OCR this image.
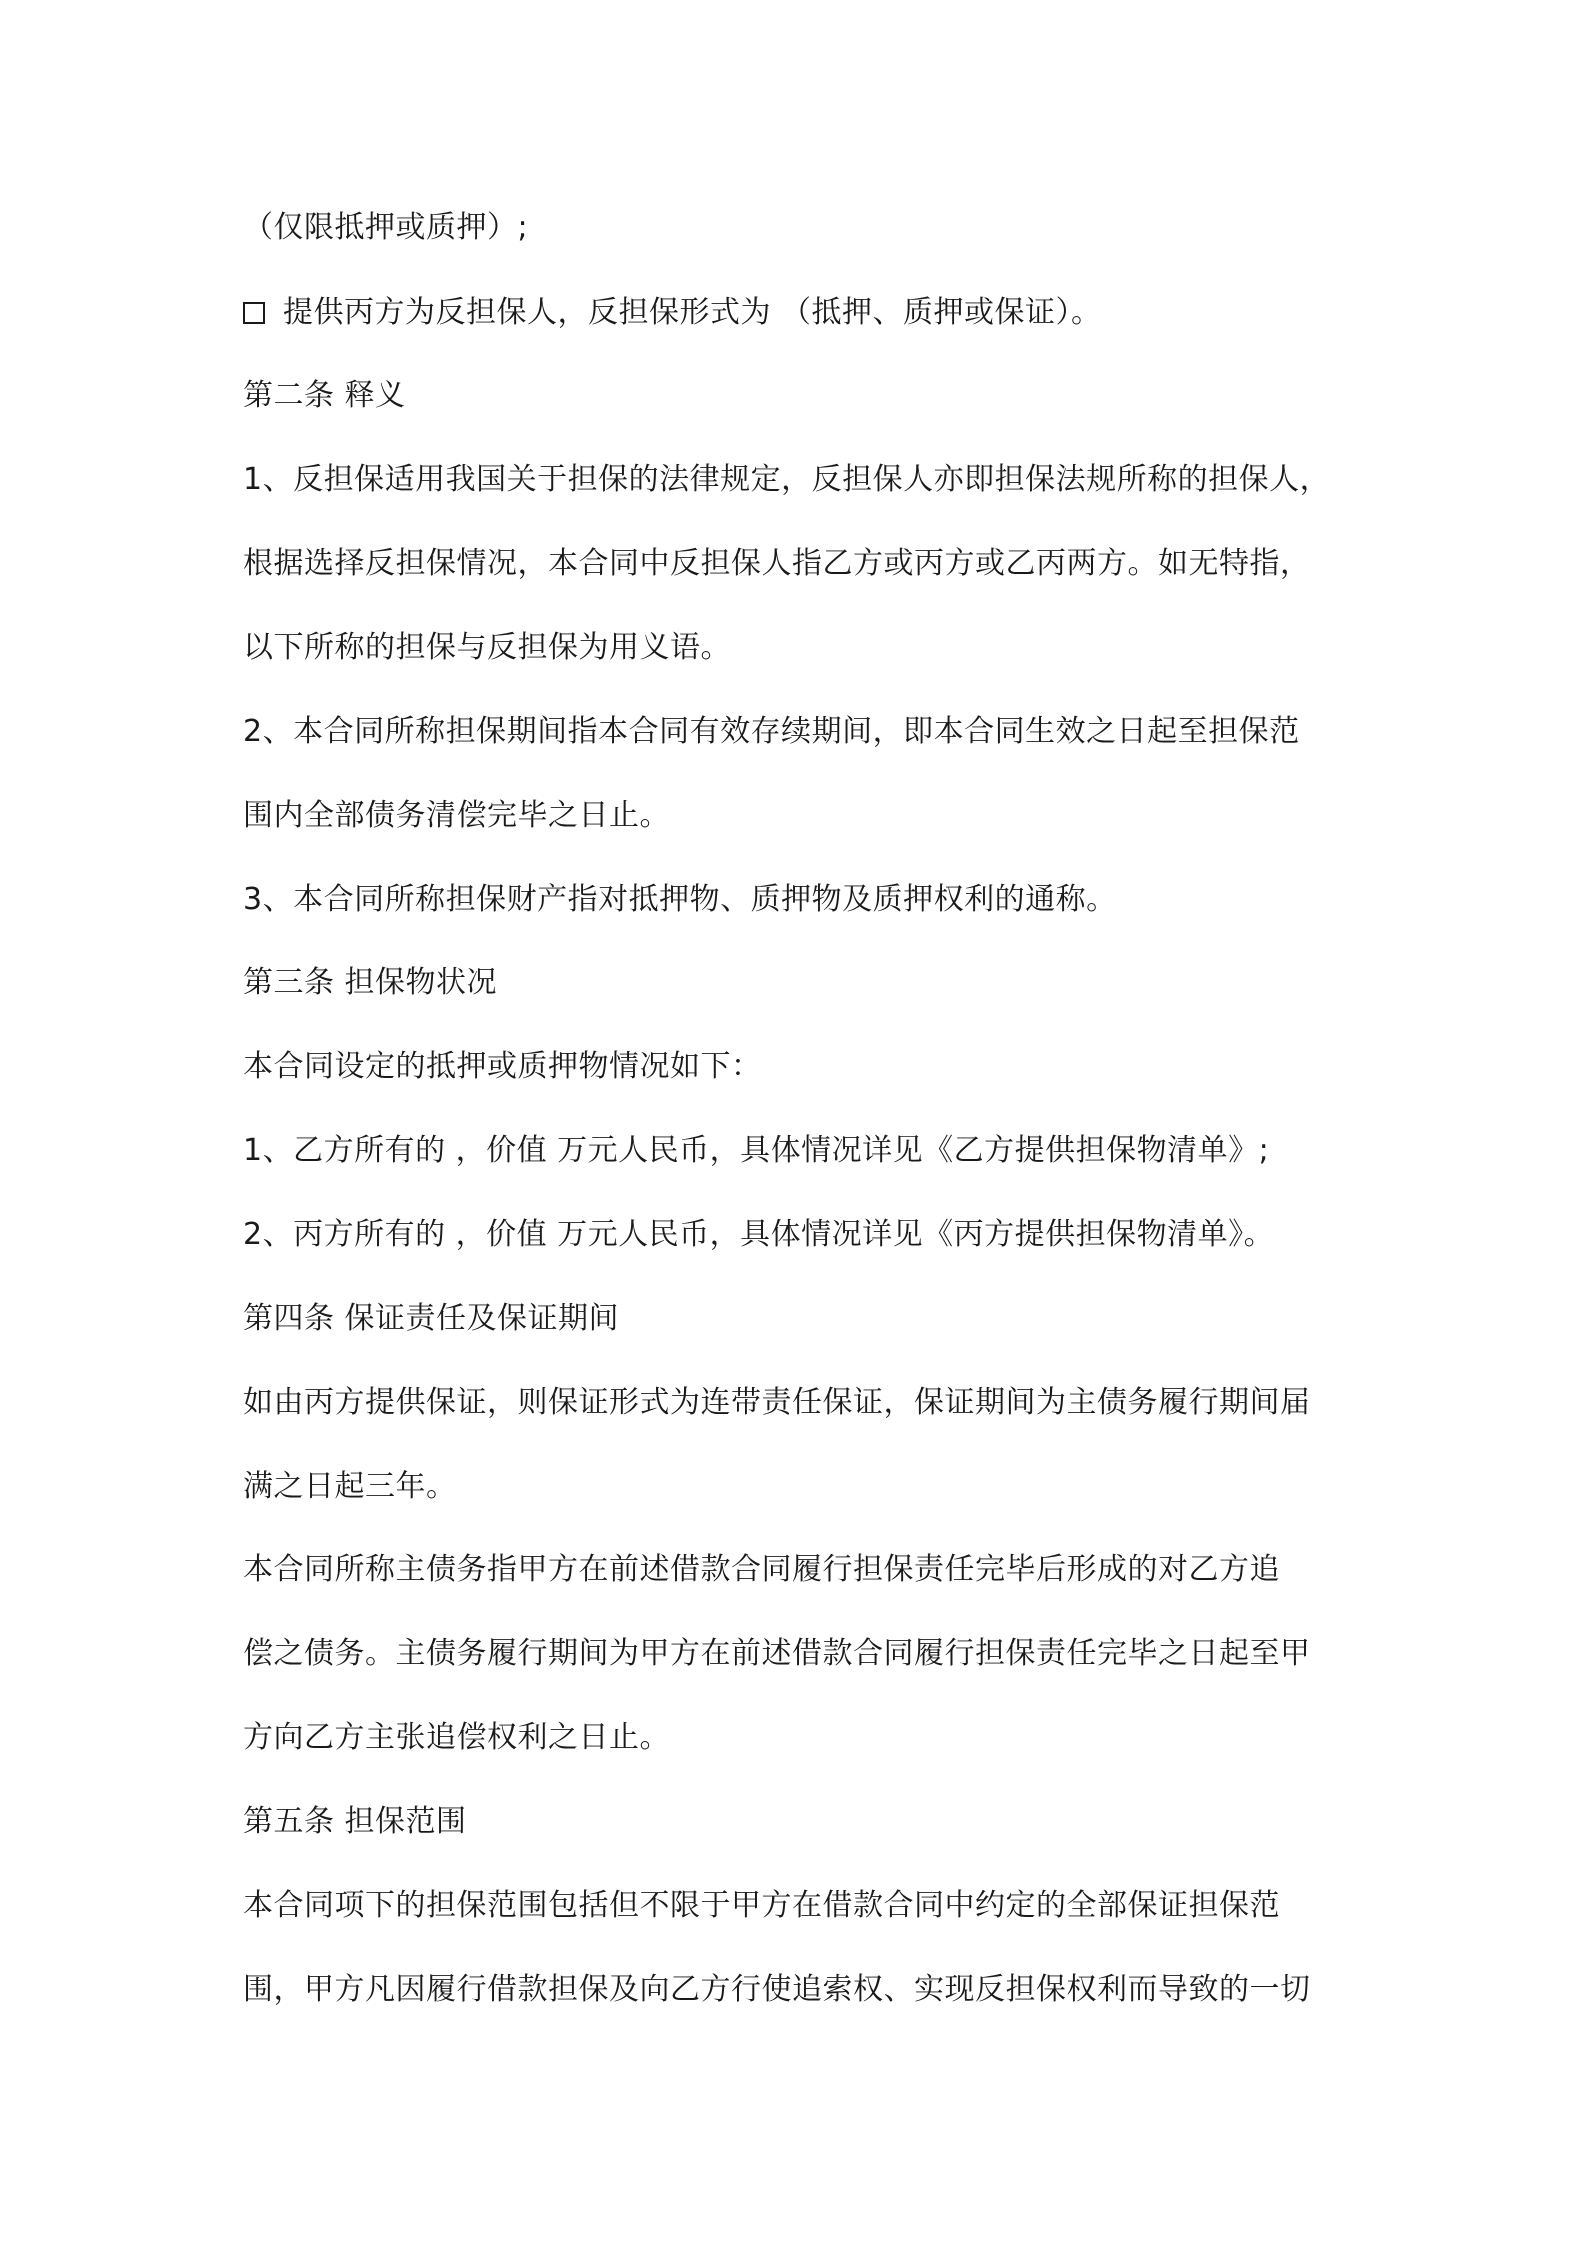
（仅限抵押或质押）;
提供丙方为反担保人，反担保形式为 （抵押、质押或保证）。
第二条 释义
1、反担保适用我国关于担保的法律规定，反担保人亦即担保法规所称的担保人，
根据选择反担保情况，本合同中反担保人指乙方或丙方或乙丙两方。如无特指，
以下所称的担保与反担保为用义语。
2、本合同所称担保期间指本合同有效存续期间，即本合同生效之日起至担保范
围内全部债务清偿完毕之日止。
3、本合同所称担保财产指对抵押物、质押物及质押权利的通称。
第三条 担保物状况
本合同设定的抵押或质押物情况如下：
1、乙方所有的 ，价值 万元人民币，具体情况详见《乙方提供担保物清单》;
2、丙方所有的 ，价值 万元人民币，具体情况详见《丙方提供担保物清单》。
第四条 保证责任及保证期间
如由丙方提供保证，则保证形式为连带责任保证，保证期间为主债务履行期间届
满之日起三年。
本合同所称主债务指甲方在前述借款合同履行担保责任完毕后形成的对乙方追
偿之债务。主债务履行期间为甲方在前述借款合同履行担保责任完毕之日起至甲
方向乙方主张追偿权利之日止。
第五条 担保范围
本合同项下的担保范围包括但不限于甲方在借款合同中约定的全部保证担保范
围，甲方凡因履行借款担保及向乙方行使追索权、实现反担保权利而导致的一切
